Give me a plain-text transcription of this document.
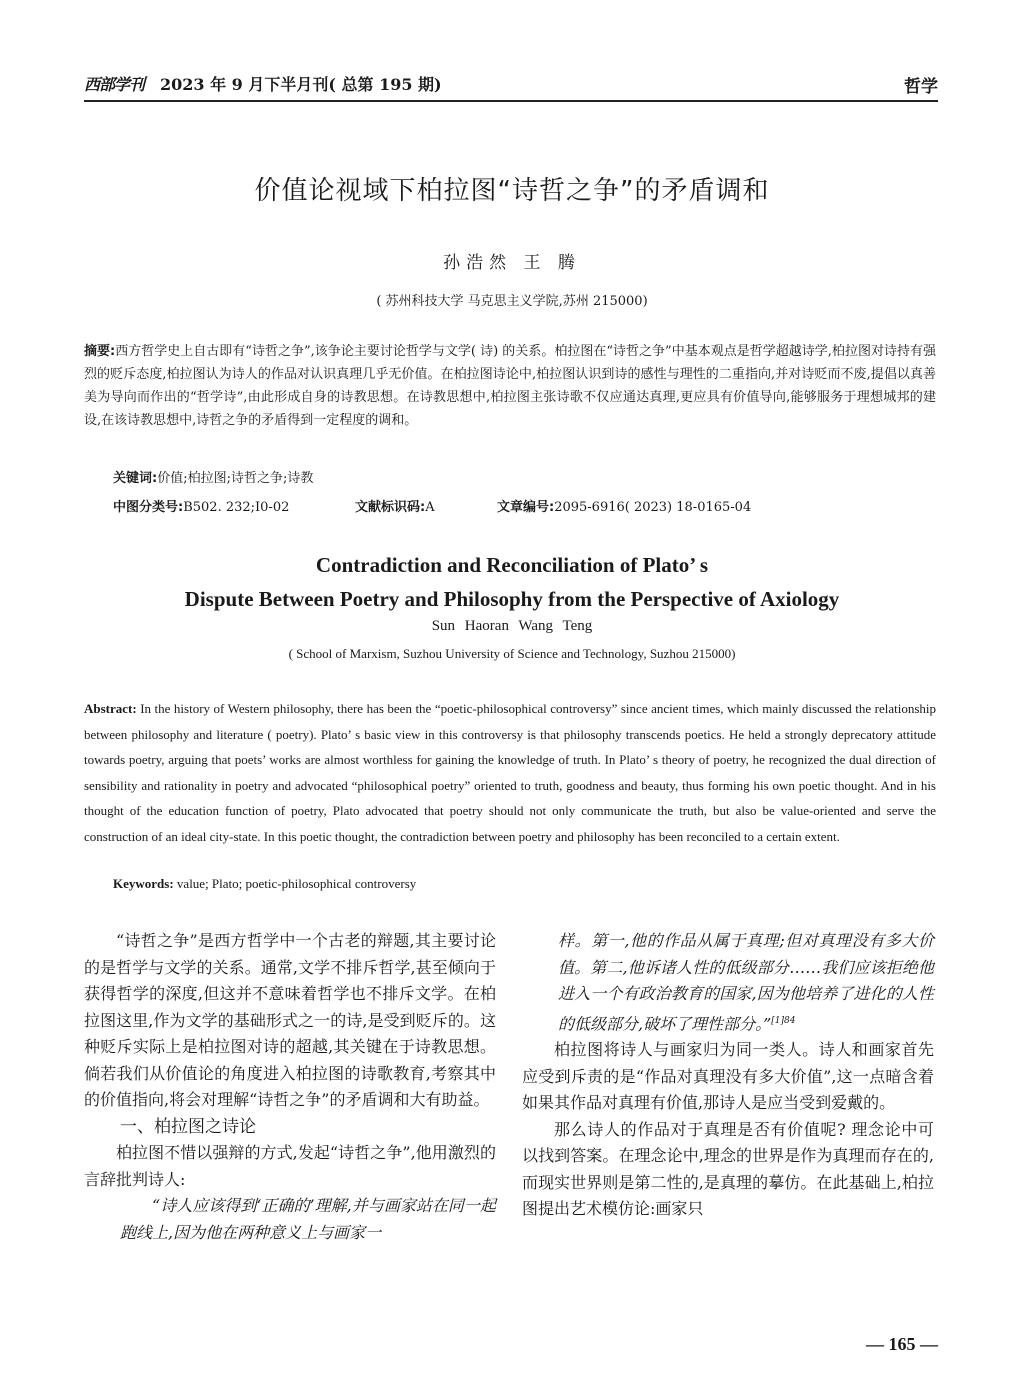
西部学刊 2023 年 9 月下半月刊( 总第 195 期)	哲学
价值论视域下柏拉图“诗哲之争”的矛盾调和
孙浩然 王 腾
( 苏州科技大学 马克思主义学院,苏州 215000)
摘要:西方哲学史上自古即有“诗哲之争”,该争论主要讨论哲学与文学( 诗) 的关系。柏拉图在“诗哲之争”中基本观点是哲学超越诗学,柏拉图对诗持有强烈的贬斥态度,柏拉图认为诗人的作品对认识真理几乎无价值。在柏拉图诗论中,柏拉图认识到诗的感性与理性的二重指向,并对诗贬而不废,提倡以真善美为导向而作出的“哲学诗”,由此形成自身的诗教思想。在诗教思想中,柏拉图主张诗歌不仅应通达真理,更应具有价值导向,能够服务于理想城邦的建设,在该诗教思想中,诗哲之争的矛盾得到一定程度的调和。
关键词:价值;柏拉图;诗哲之争;诗教
中图分类号:B502. 232;I0-02	文献标识码:A	文章编号:2095-6916( 2023) 18-0165-04
Contradiction and Reconciliation of Plato’ s
Dispute Between Poetry and Philosophy from the Perspective of Axiology
Sun Haoran Wang Teng
( School of Marxism, Suzhou University of Science and Technology, Suzhou 215000)
Abstract: In the history of Western philosophy, there has been the “poetic-philosophical controversy” since ancient times, which mainly discussed the relationship between philosophy and literature ( poetry). Plato’ s basic view in this controversy is that philosophy transcends poetics. He held a strongly deprecatory attitude towards poetry, arguing that poets’ works are almost worthless for gaining the knowledge of truth. In Plato’ s theory of poetry, he recognized the dual direction of sensibility and rationality in poetry and advocated “philosophical poetry” oriented to truth, goodness and beauty, thus forming his own poetic thought. And in his thought of the education function of poetry, Plato advocated that poetry should not only communicate the truth, but also be value-oriented and serve the construction of an ideal city-state. In this poetic thought, the contradiction between poetry and philosophy has been reconciled to a certain extent.
Keywords: value; Plato; poetic-philosophical controversy

“诗哲之争”是西方哲学中一个古老的辩题,其主要讨论的是哲学与文学的关系。通常,文学不排斥哲学,甚至倾向于获得哲学的深度,但这并不意味着哲学也不排斥文学。在柏拉图这里,作为文学的基础形式之一的诗,是受到贬斥的。这种贬斥实际上是柏拉图对诗的超越,其关键在于诗教思想。倘若我们从价值论的角度进入柏拉图的诗歌教育,考察其中的价值指向,将会对理解“诗哲之争”的矛盾调和大有助益。

一、柏拉图之诗论

柏拉图不惜以强辩的方式,发起“诗哲之争”,他用激烈的言辞批判诗人:

“诗人应该得到‘正确的’理解,并与画家站在同一起跑线上,因为他在两种意义上与画家一

样。第一,他的作品从属于真理;但对真理没有多大价值。第二,他诉诸人性的低级部分……我们应该拒绝他进入一个有政治教育的国家,因为他培养了进化的人性的低级部分,破坏了理性部分。”$^{[1]84}$

柏拉图将诗人与画家归为同一类人。诗人和画家首先应受到斥责的是“作品对真理没有多大价值”,这一点暗含着如果其作品对真理有价值,那诗人是应当受到爱戴的。

那么诗人的作品对于真理是否有价值呢? 理念论中可以找到答案。在理念论中,理念的世界是作为真理而存在的,而现实世界则是第二性的,是真理的摹仿。在此基础上,柏拉图提出艺术模仿论:画家只

— 165 —
